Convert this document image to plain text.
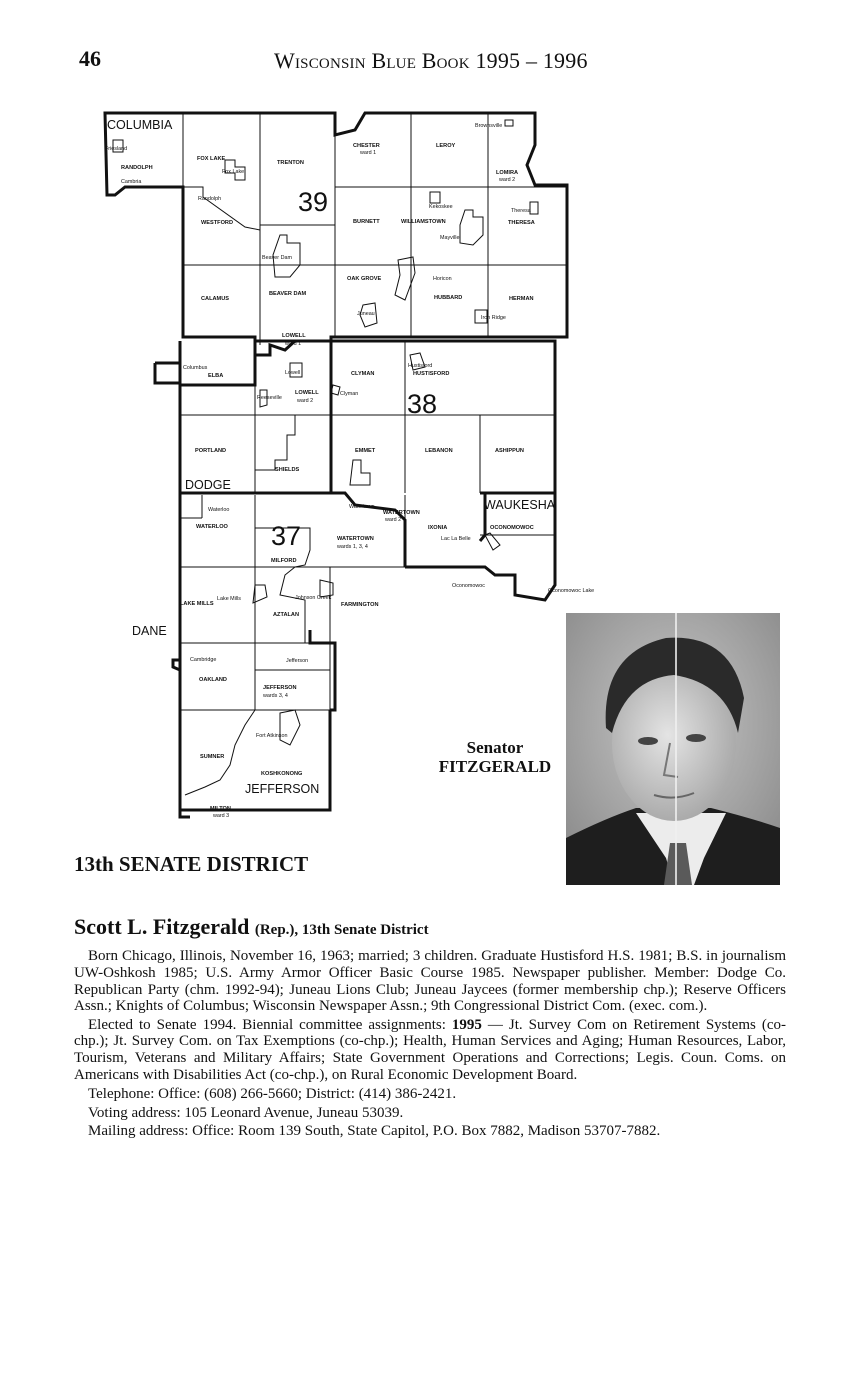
46	Wisconsin Blue Book 1995 – 1996
COLUMBIA
DODGE
DANE
WAUKESHA
JEFFERSON
39
38
37
RANDOLPH
FOX LAKE
TRENTON
CHESTER
ward 1
LEROY
LOMIRA
ward 2
WESTFORD	BURNETT	WILLIAMSTOWN	THERESA
CALAMUS
BEAVER DAM
OAK GROVE
HUBBARD	HERMAN
LOWELL
ward 1
ELBA
LOWELL
ward 2
CLYMAN	HUSTISFORD
PORTLAND
SHIELDS
EMMET	LEBANON	ASHIPPUN
WATERLOO
MILFORD
WATERTOWN
ward 2
WATERTOWN
wards 1, 3, 4
IXONIA	OCONOMOWOC
LAKE MILLS
AZTALAN
FARMINGTON
OAKLAND
JEFFERSON
wards 3, 4
SUMNER
KOSHKONONG
MILTON
ward 3
Friesland
Cambria
Fox Lake
Randolph
Beaver Dam
Brownsville
Kekoskee
Mayville
Theresa
Horicon
Juneau
Iron Ridge
Columbus
Lowell
Reeseville
Clyman
Hustisford
Waterloo	Watertown
Lac La Belle
Oconomowoc
Oconomowoc Lake
Lake Mills	Johnson Creek
Cambridge	Jefferson
Fort Atkinson
Senator
FITZGERALD
13th SENATE DISTRICT
Scott L. Fitzgerald (Rep.), 13th Senate District

Born Chicago, Illinois, November 16, 1963; married; 3 children. Graduate Hustisford H.S. 1981; B.S. in journalism UW-Oshkosh 1985; U.S. Army Armor Officer Basic Course 1985. Newspaper publisher. Member: Dodge Co. Republican Party (chm. 1992-94); Juneau Lions Club; Juneau Jaycees (former membership chp.); Reserve Officers Assn.; Knights of Columbus; Wisconsin Newspaper Assn.; 9th Congressional District Com. (exec. com.).

Elected to Senate 1994. Biennial committee assignments: 1995 — Jt. Survey Com on Retirement Systems (co-chp.); Jt. Survey Com. on Tax Exemptions (co-chp.); Health, Human Services and Aging; Human Resources, Labor, Tourism, Veterans and Military Affairs; State Government Operations and Corrections; Legis. Coun. Coms. on Americans with Disabilities Act (co-chp.), on Rural Economic Development Board.

Telephone: Office: (608) 266-5660; District: (414) 386-2421.

Voting address: 105 Leonard Avenue, Juneau 53039.

Mailing address: Office: Room 139 South, State Capitol, P.O. Box 7882, Madison 53707-7882.
